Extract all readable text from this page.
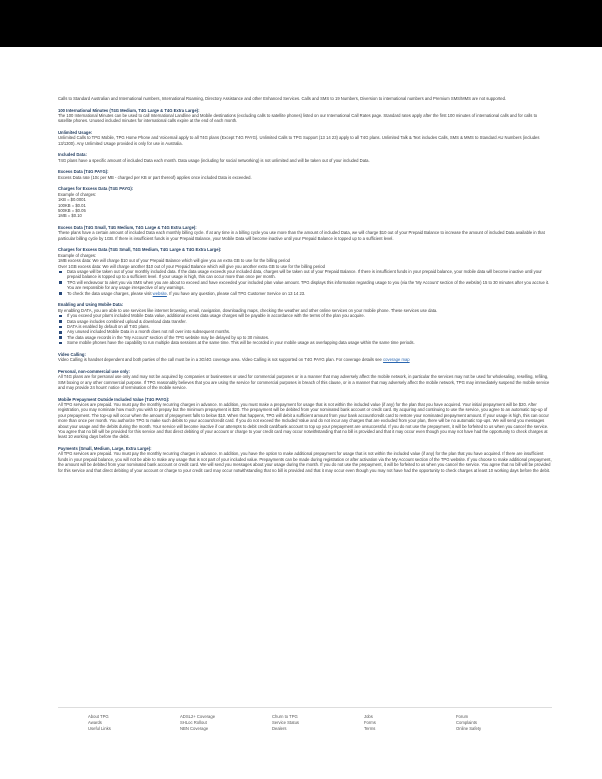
Calls to Standard Australian and International numbers, International Roaming, Directory Assistance and other Enhanced Services. Calls and SMS to 19 Numbers, Diversion to international numbers and Premium SMS/MMS are not supported.

100 International Minutes (T4G Medium, T4G Large & T4G Extra Large):

The 100 International Minutes can be used to call International Landline and Mobile destinations (excluding calls to satellite phones) listed on our International Call Rates page. Standard rates apply after the first 100 minutes of international calls and for calls to satellite phones. Unused included minutes for international calls expire at the end of each month.

Unlimited Usage:

Unlimited Calls to TPG Mobile, TPG Home Phone and Voicemail apply to all T4G plans (Except T4G PAYG). Unlimited Calls to TPG Support (13 14 23) apply to all T4G plans. Unlimited Talk & Text includes Calls, SMS & MMS to Standard AU Numbers (includes 13/1300). Any Unlimited Usage provided is only for use in Australia.

Included Data:

T4G plans have a specific amount of included Data each month. Data usage (including for social networking) is not unlimited and will be taken out of your included Data.

Excess Data (T4G PAYG):

Excess Data rate (10c per MB - charged per KB or part thereof) applies once included Data is exceeded.

Charges for Excess Data (T4G PAYG):

Example of charges:

1KB = $0.0001

100KB = $0.01

500KB = $0.05

1MB = $0.10

Excess Data (T4G Small, T4G Medium, T4G Large & T4G Extra Large):

These plans have a certain amount of included Data each monthly billing cycle. If at any time in a billing cycle you use more than the amount of included Data, we will charge $10 out of your Prepaid Balance to increase the amount of included Data available in that particular billing cycle by 1GB. If there is insufficient funds in your Prepaid Balance, your Mobile Data will become inactive until your Prepaid Balance is topped up to a sufficient level.

Charges for Excess Data (T4G Small, T4G Medium, T4G Large & T4G Extra Large):

Example of charges:

1MB excess data: We will charge $10 out of your Prepaid Balance which will give you an extra GB to use for the billing period

Over 1GB excess data: We will charge another $10 out of your Prepaid Balance which will give you another extra GB to use for the billing period

Data usage will be taken out of your monthly included data. If the data usage exceeds your included data, charges will be taken out of your Prepaid Balance. If there is insufficient funds in your prepaid balance, your mobile data will become inactive until your prepaid balance is topped up to a sufficient level. If your usage is high, this can occur more than once per month.
TPG will endeavour to alert you via SMS when you are about to exceed and have exceeded your included plan value amount. TPG displays this information regarding usage to you (via the 'My Account' section of the website) 15 to 30 minutes after you accrue it. You are responsible for any usage irrespective of any warnings.
To check the data usage charges, please visit website. If you have any question, please call TPG Customer Service on 13 14 23.

Enabling and Using Mobile Data:

By enabling DATA, you are able to use services like internet browsing, email, navigation, downloading maps, checking the weather and other online services on your mobile phone. These services use data.

If you exceed your plan's included Mobile Data value, additional excess data usage charges will be payable in accordance with the terms of the plan you acquire.
Data usage includes combined upload & download data transfer.
DATA is enabled by default on all T4G plans.
Any unused included Mobile Data in a month does not roll over into subsequent months.
The data usage records in the "My Account" section of the TPG website may be delayed by up to 30 minutes.
Some mobile phones have the capability to run multiple data sessions at the same time. This will be recorded in your mobile usage as overlapping data usage within the same time periods.

Video Calling:

Video Calling is handset dependent and both parties of the call must be in a 3G/4G coverage area. Video Calling is not supported on T4G PAYG plan. For coverage details see coverage map

Personal, non-commercial use only:

All T4G plans are for personal use only and may not be acquired by companies or businesses or used for commercial purposes or in a manner that may adversely affect the mobile network, in particular the services may not be used for wholesaling, reselling, refiling, SIM boxing or any other commercial purpose. If TPG reasonably believes that you are using the service for commercial purposes in breach of this clause, or in a manner that may adversely affect the mobile network, TPG may immediately suspend the mobile service and may provide 24 hours' notice of termination of the mobile service.

Mobile Prepayment Outside Included Value (T4G PAYG):

All TPG services are prepaid. You must pay the monthly recurring charges in advance. In addition, you must make a prepayment for usage that is not within the included value (if any) for the plan that you have acquired. Your initial prepayment will be $20. After registration, you may nominate how much you wish to prepay but the minimum prepayment is $20. The prepayment will be debited from your nominated bank account or credit card. By acquiring and continuing to use the service, you agree to an automatic top-up of your prepayment. The top-up will occur when the amount of prepayment falls to below $10. When that happens, TPG will debit a sufficient amount from your bank account/credit card to restore your nominated prepayment amount. If your usage is high, this can occur more than once per month. You authorize TPG to make such debits to your account/credit card. If you do not exceed the Included Value and do not incur any charges that are excluded from your plan, there will be no automatic top-ups. We will send you messages about your usage and the debits during the month. Your service will become inactive if our attempts to debit credit card/bank account to top up your prepayment are unsuccessful. If you do not use the prepayment, it will be forfeited to us when you cancel the service. You agree that no bill will be provided for this service and that direct debiting of your account or charge to your credit card may occur notwithstanding that no bill is provided and that it may occur even though you may not have had the opportunity to check charges at least 10 working days before the debit.

Payments (Small, Medium, Large, Extra Large):

All TPG services are prepaid. You must pay the monthly recurring charges in advance. In addition, you have the option to make additional prepayment for usage that is not within the included value (if any) for the plan that you have acquired. If there are insufficient funds in your prepaid balance, you will not be able to make any usage that is not part of your included value. Prepayments can be made during registration or after activation via the My Account section of the TPG website. If you choose to make additional prepayment, the amount will be debited from your nominated bank account or credit card. We will send you messages about your usage during the month. If you do not use the prepayment, it will be forfeited to us when you cancel the service. You agree that no bill will be provided for this service and that direct debiting of your account or charge to your credit card may occur notwithstanding that no bill is provided and that it may occur even though you may not have had the opportunity to check charges at least 10 working days before the debit.

About TPG
Awards
Useful Links
ADSL2+ Coverage
SHLoc Rollout
NBN Coverage
Churn to TPG
Service Status
Dealers
Jobs
Forms
Terms
Forum
Complaints
Online Safety
